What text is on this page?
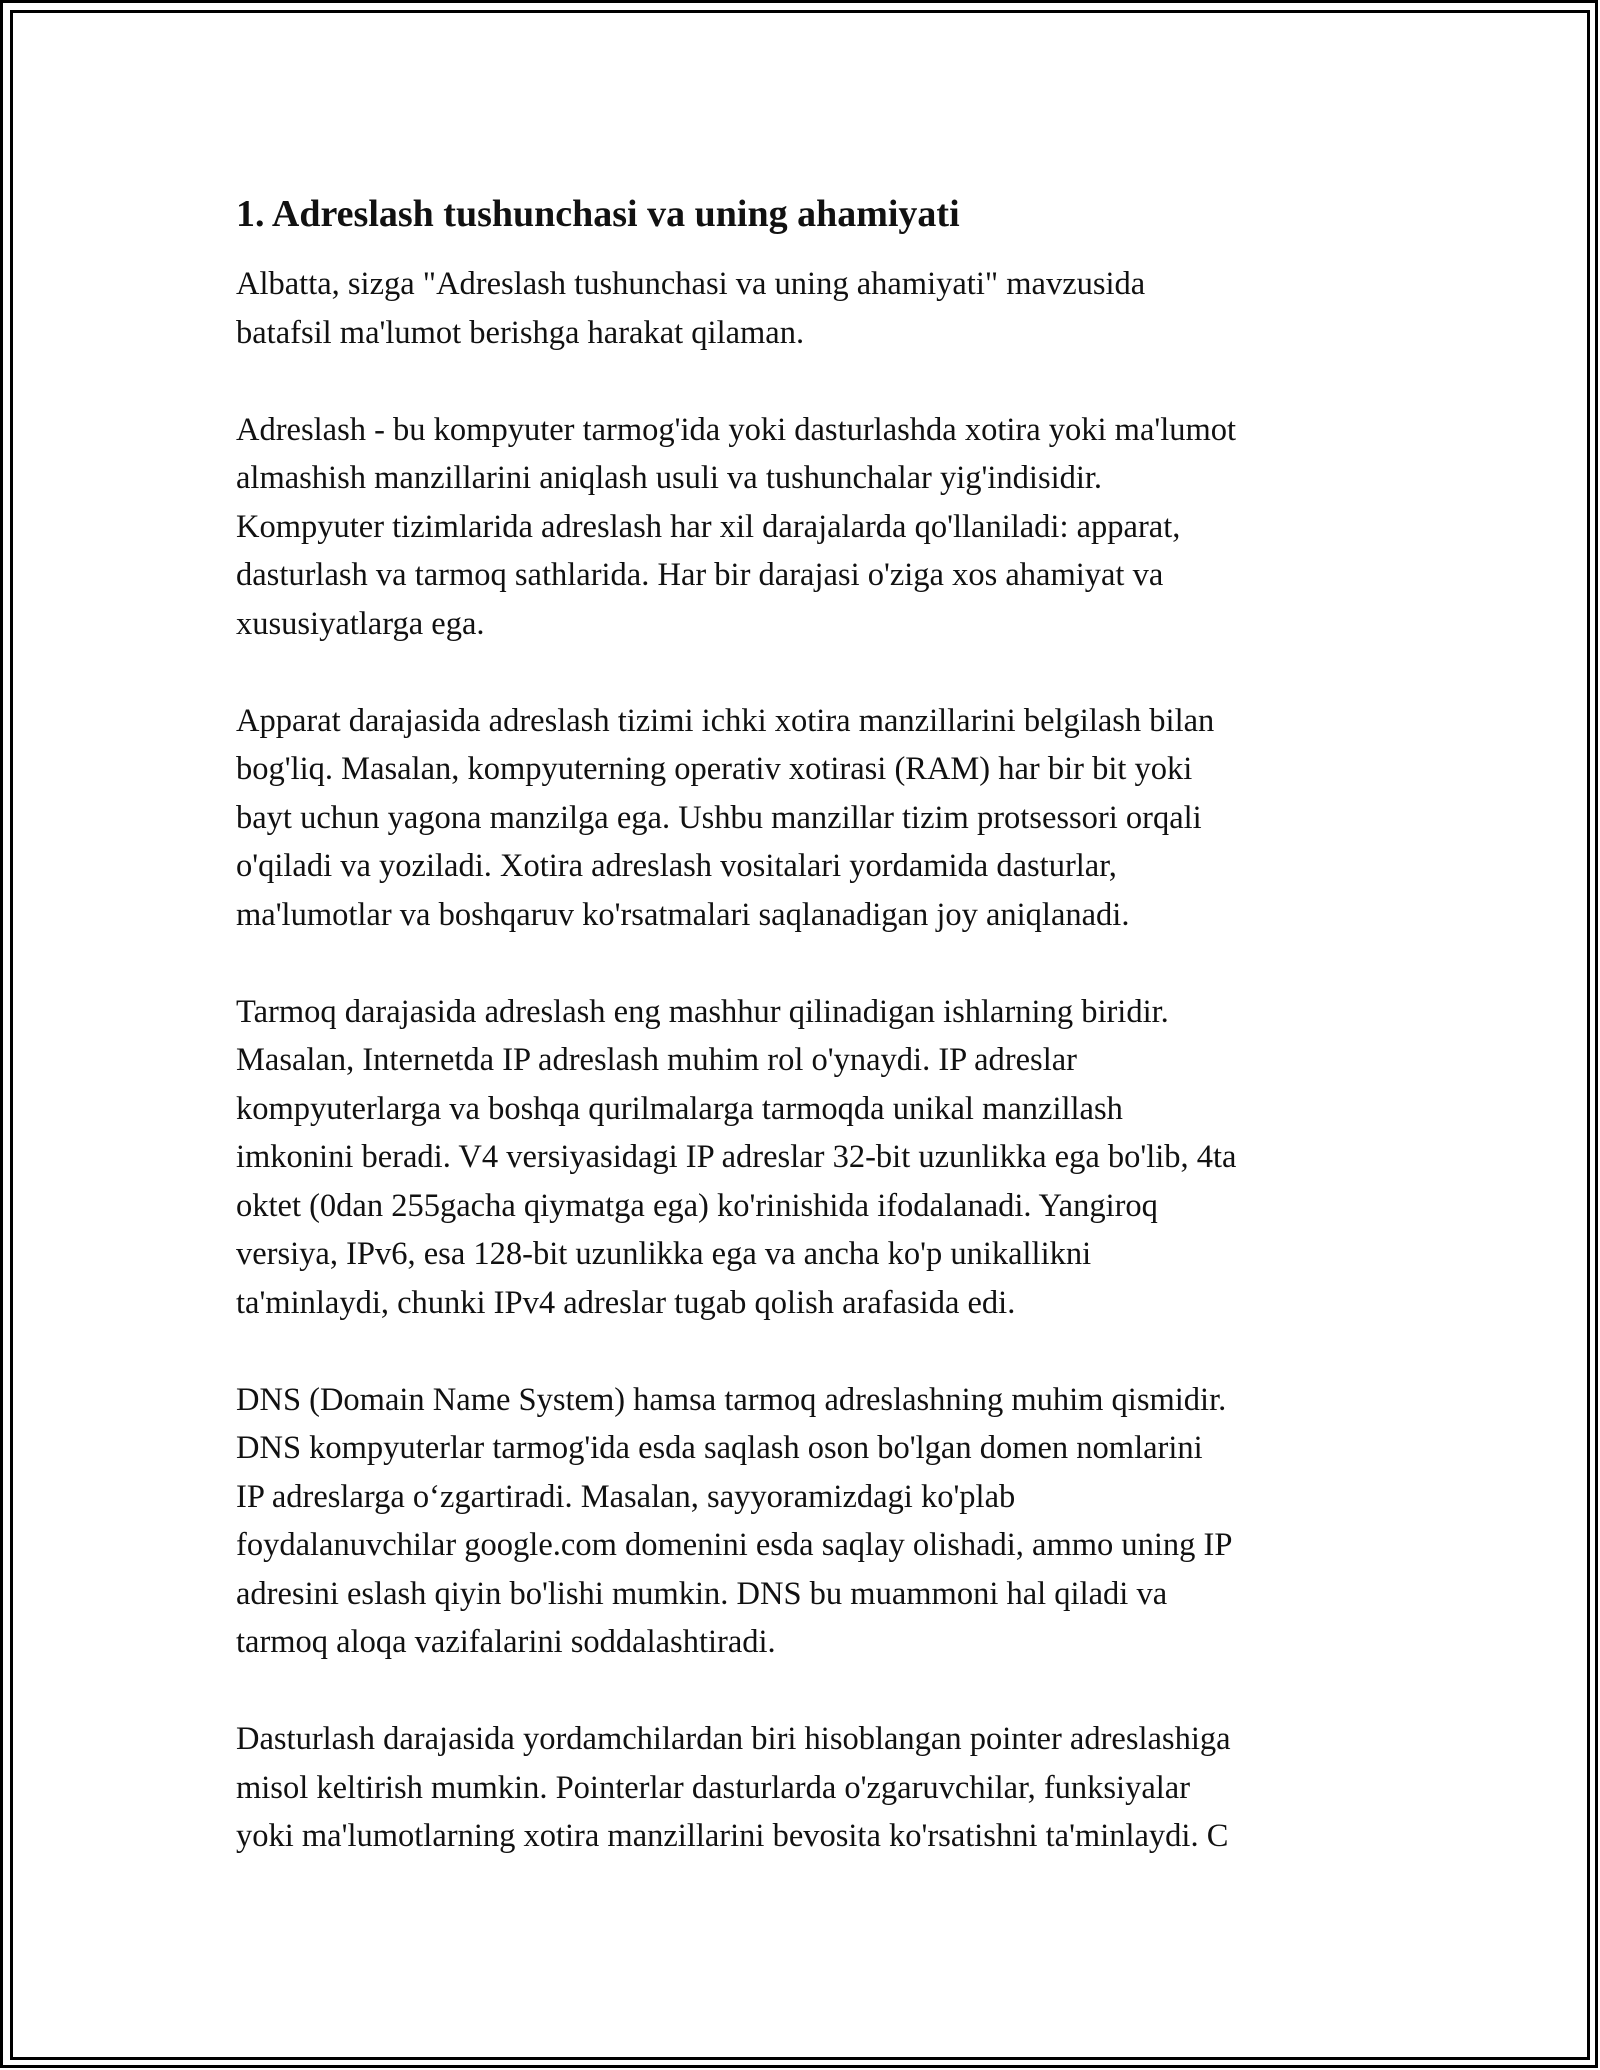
1. Adreslash tushunchasi va uning ahamiyati

Albatta, sizga "Adreslash tushunchasi va uning ahamiyati" mavzusida
batafsil ma'lumot berishga harakat qilaman.

Adreslash - bu kompyuter tarmog'ida yoki dasturlashda xotira yoki ma'lumot
almashish manzillarini aniqlash usuli va tushunchalar yig'indisidir.
Kompyuter tizimlarida adreslash har xil darajalarda qo'llaniladi: apparat,
dasturlash va tarmoq sathlarida. Har bir darajasi o'ziga xos ahamiyat va
xususiyatlarga ega.

Apparat darajasida adreslash tizimi ichki xotira manzillarini belgilash bilan
bog'liq. Masalan, kompyuterning operativ xotirasi (RAM) har bir bit yoki
bayt uchun yagona manzilga ega. Ushbu manzillar tizim protsessori orqali
o'qiladi va yoziladi. Xotira adreslash vositalari yordamida dasturlar,
ma'lumotlar va boshqaruv ko'rsatmalari saqlanadigan joy aniqlanadi.

Tarmoq darajasida adreslash eng mashhur qilinadigan ishlarning biridir.
Masalan, Internetda IP adreslash muhim rol o'ynaydi. IP adreslar
kompyuterlarga va boshqa qurilmalarga tarmoqda unikal manzillash
imkonini beradi. V4 versiyasidagi IP adreslar 32-bit uzunlikka ega bo'lib, 4ta
oktet (0dan 255gacha qiymatga ega) ko'rinishida ifodalanadi. Yangiroq
versiya, IPv6, esa 128-bit uzunlikka ega va ancha ko'p unikallikni
ta'minlaydi, chunki IPv4 adreslar tugab qolish arafasida edi.

DNS (Domain Name System) hamsa tarmoq adreslashning muhim qismidir.
DNS kompyuterlar tarmog'ida esda saqlash oson bo'lgan domen nomlarini
IP adreslarga oʻzgartiradi. Masalan, sayyoramizdagi ko'plab
foydalanuvchilar google.com domenini esda saqlay olishadi, ammo uning IP
adresini eslash qiyin bo'lishi mumkin. DNS bu muammoni hal qiladi va
tarmoq aloqa vazifalarini soddalashtiradi.

Dasturlash darajasida yordamchilardan biri hisoblangan pointer adreslashiga
misol keltirish mumkin. Pointerlar dasturlarda o'zgaruvchilar, funksiyalar
yoki ma'lumotlarning xotira manzillarini bevosita ko'rsatishni ta'minlaydi. C
